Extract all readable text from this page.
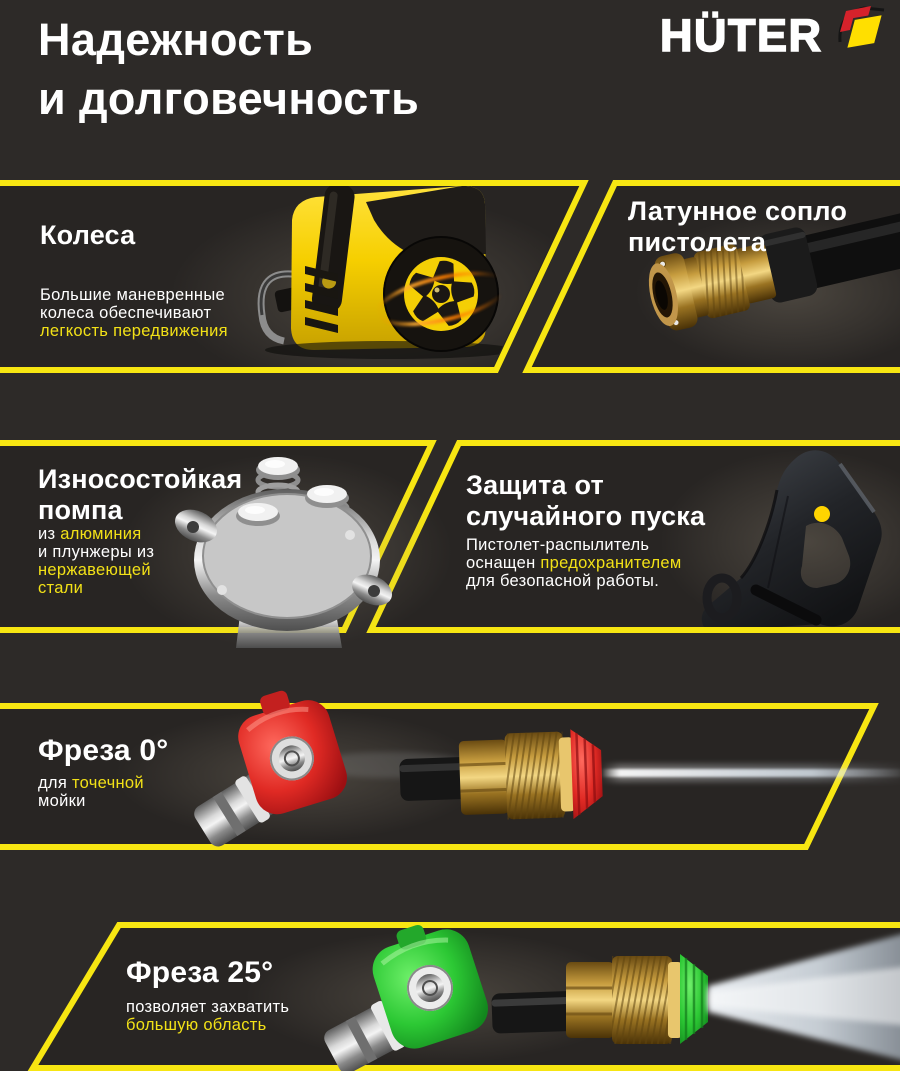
Надежность
и долговечность
HÜTER
Колеса
Большие маневренные
колеса обеспечивают
легкость передвижения
Латунное сопло
пистолета
Износостойкая
помпа
из алюминия
и плунжеры из
нержавеющей
стали
Защита от
случайного пуска
Пистолет-распылитель
оснащен предохранителем
для безопасной работы.
Фреза 0°
для точечной
мойки
Фреза 25°
позволяет захватить
большую область
